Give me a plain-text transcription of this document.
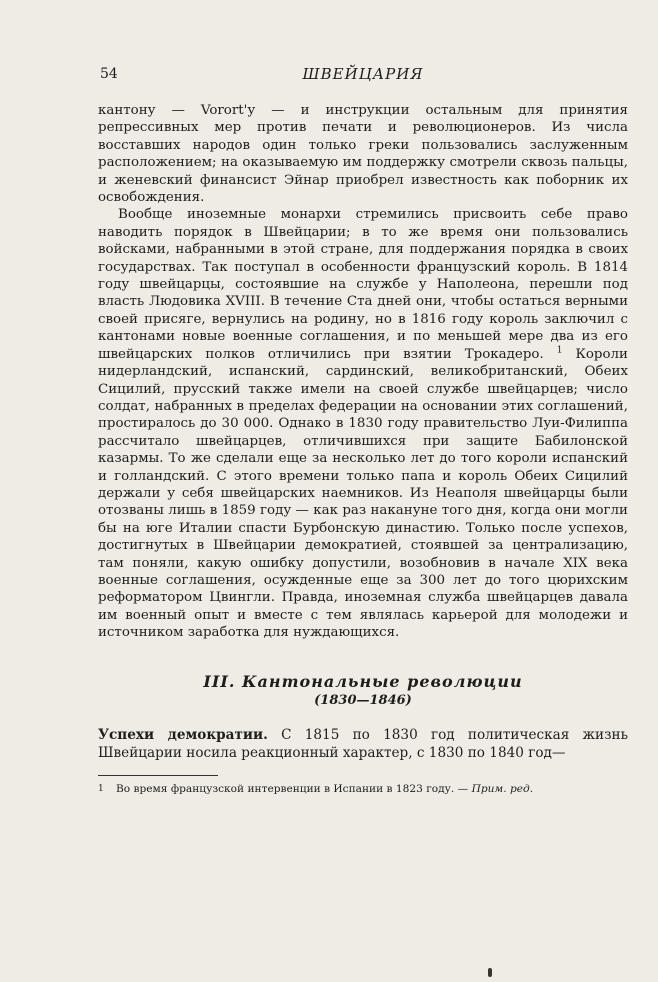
54	ШВЕЙЦАРИЯ

кантону — Vorort'у — и инструкции остальным для принятия репрессивных мер против печати и революционеров. Из числа восставших народов один только греки пользовались заслуженным расположением; на оказываемую им поддержку смотрели сквозь пальцы, и женевский финансист Эйнар приобрел известность как поборник их освобождения.

Вообще иноземные монархи стремились присвоить себе право наводить порядок в Швейцарии; в то же время они пользовались войсками, набранными в этой стране, для поддержания порядка в своих государствах. Так поступал в особенности французский король. В 1814 году швейцарцы, состоявшие на службе у Наполеона, перешли под власть Людовика XVIII. В течение Ста дней они, чтобы остаться верными своей присяге, вернулись на родину, но в 1816 году король заключил с кантонами новые военные соглашения, и по меньшей мере два из его швейцарских полков отличились при взятии Трокадеро. $^1$ Короли нидерландский, испанский, сардинский, великобританский, Обеих Сицилий, прусский также имели на своей службе швейцарцев; число солдат, набранных в пределах федерации на основании этих соглашений, простиралось до 30 000. Однако в 1830 году правительство Луи-Филиппа рассчитало швейцарцев, отличившихся при защите Бабилонской казармы. То же сделали еще за несколько лет до того короли испанский и голландский. С этого времени только папа и король Обеих Сицилий держали у себя швейцарских наемников. Из Неаполя швейцарцы были отозваны лишь в 1859 году — как раз накануне того дня, когда они могли бы на юге Италии спасти Бурбонскую династию. Только после успехов, достигнутых в Швейцарии демократией, стоявшей за централизацию, там поняли, какую ошибку допустили, возобновив в начале XIX века военные соглашения, осужденные еще за 300 лет до того цюрихским реформатором Цвингли. Правда, иноземная служба швейцарцев давала им военный опыт и вместе с тем являлась карьерой для молодежи и источником заработка для нуждающихся.

III. Кантональные революции
(1830—1846)

Успехи демократии. С 1815 по 1830 год политическая жизнь Швейцарии носила реакционный характер, с 1830 по 1840 год—

1 Во время французской интервенции в Испании в 1823 году. — Прим. ред.
